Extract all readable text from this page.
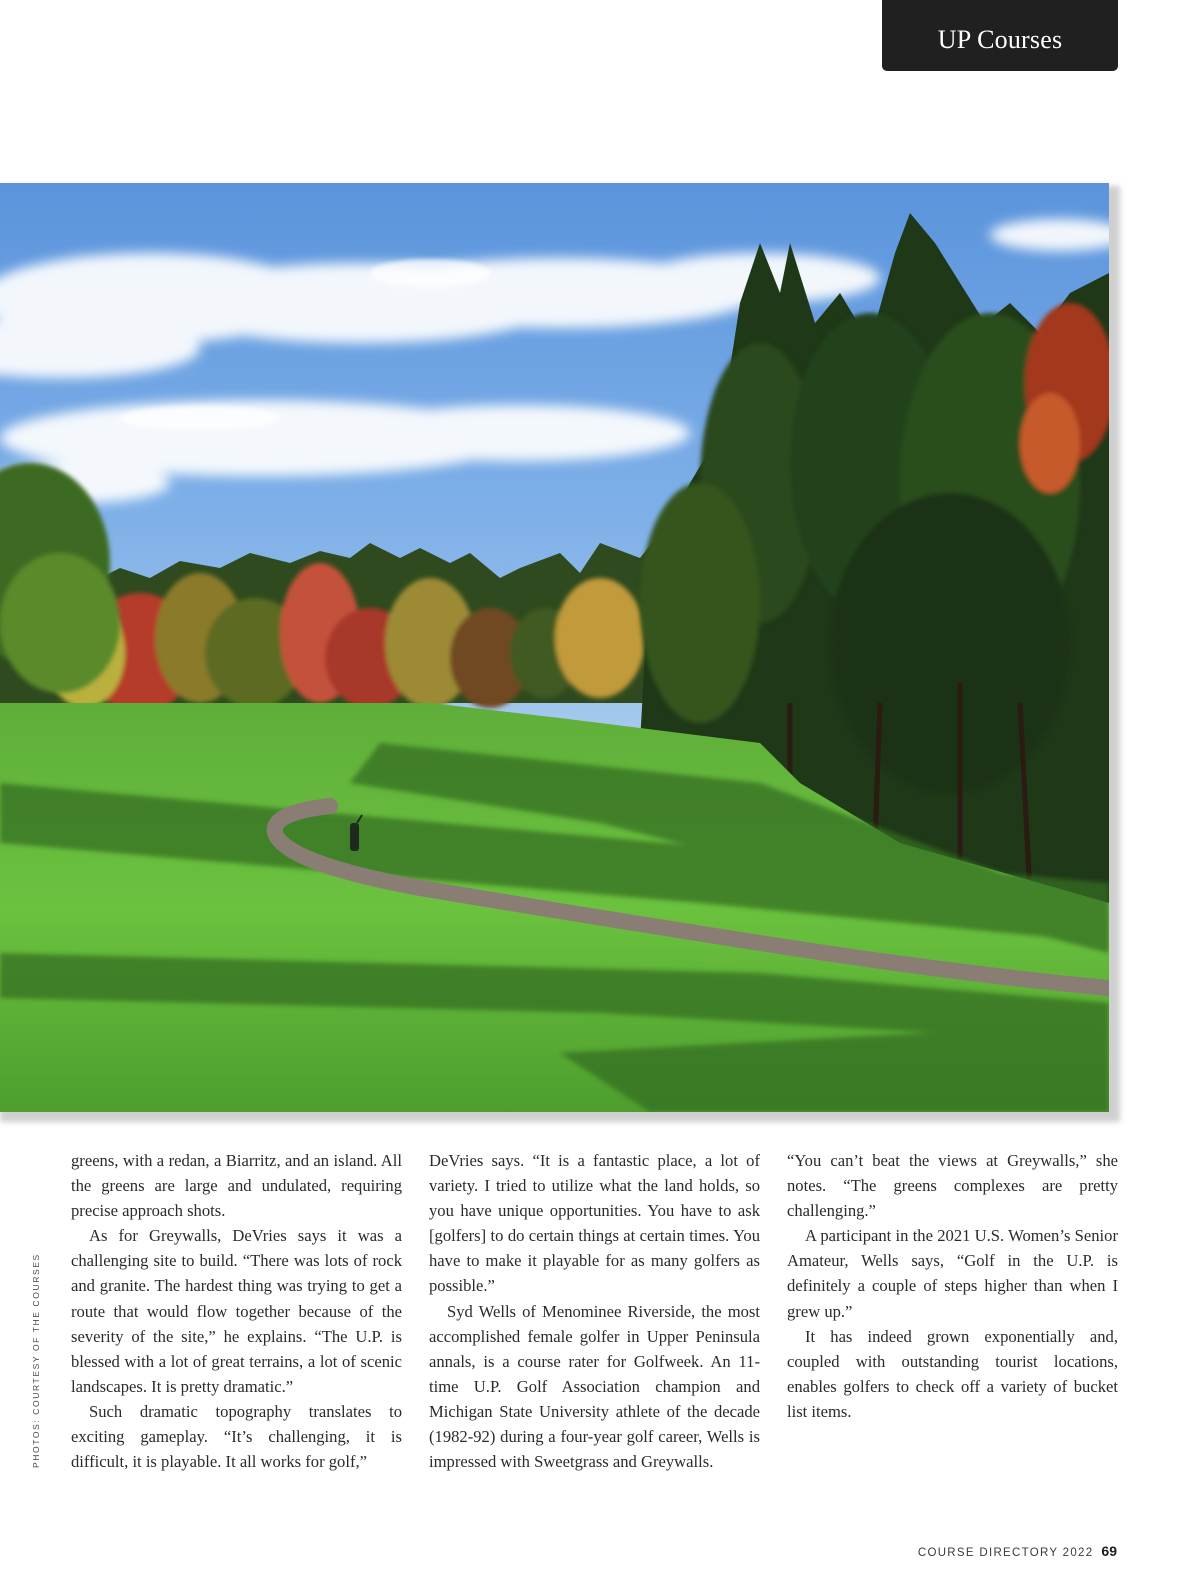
UP Courses
PHOTOS: COURTESY OF THE COURSES

greens, with a redan, a Biarritz, and an island. All the greens are large and undulated, requiring precise approach shots.

As for Greywalls, DeVries says it was a challenging site to build. “There was lots of rock and granite. The hardest thing was trying to get a route that would flow together because of the severity of the site,” he explains. “The U.P. is blessed with a lot of great terrains, a lot of scenic landscapes. It is pretty dramatic.”

Such dramatic topography translates to exciting gameplay. “It’s challenging, it is difficult, it is playable. It all works for golf,”

DeVries says. “It is a fantastic place, a lot of variety. I tried to utilize what the land holds, so you have unique opportunities. You have to ask [golfers] to do certain things at certain times. You have to make it playable for as many golfers as possible.”

Syd Wells of Menominee Riverside, the most accomplished female golfer in Upper Peninsula annals, is a course rater for Golfweek. An 11-time U.P. Golf Association champion and Michigan State University athlete of the decade (1982-92) during a four-year golf career, Wells is impressed with Sweetgrass and Greywalls.

“You can’t beat the views at Greywalls,” she notes. “The greens complexes are pretty challenging.”

A participant in the 2021 U.S. Women’s Senior Amateur, Wells says, “Golf in the U.P. is definitely a couple of steps higher than when I grew up.”

It has indeed grown exponentially and, coupled with outstanding tourist locations, enables golfers to check off a variety of bucket list items.

COURSE DIRECTORY 2022 69
